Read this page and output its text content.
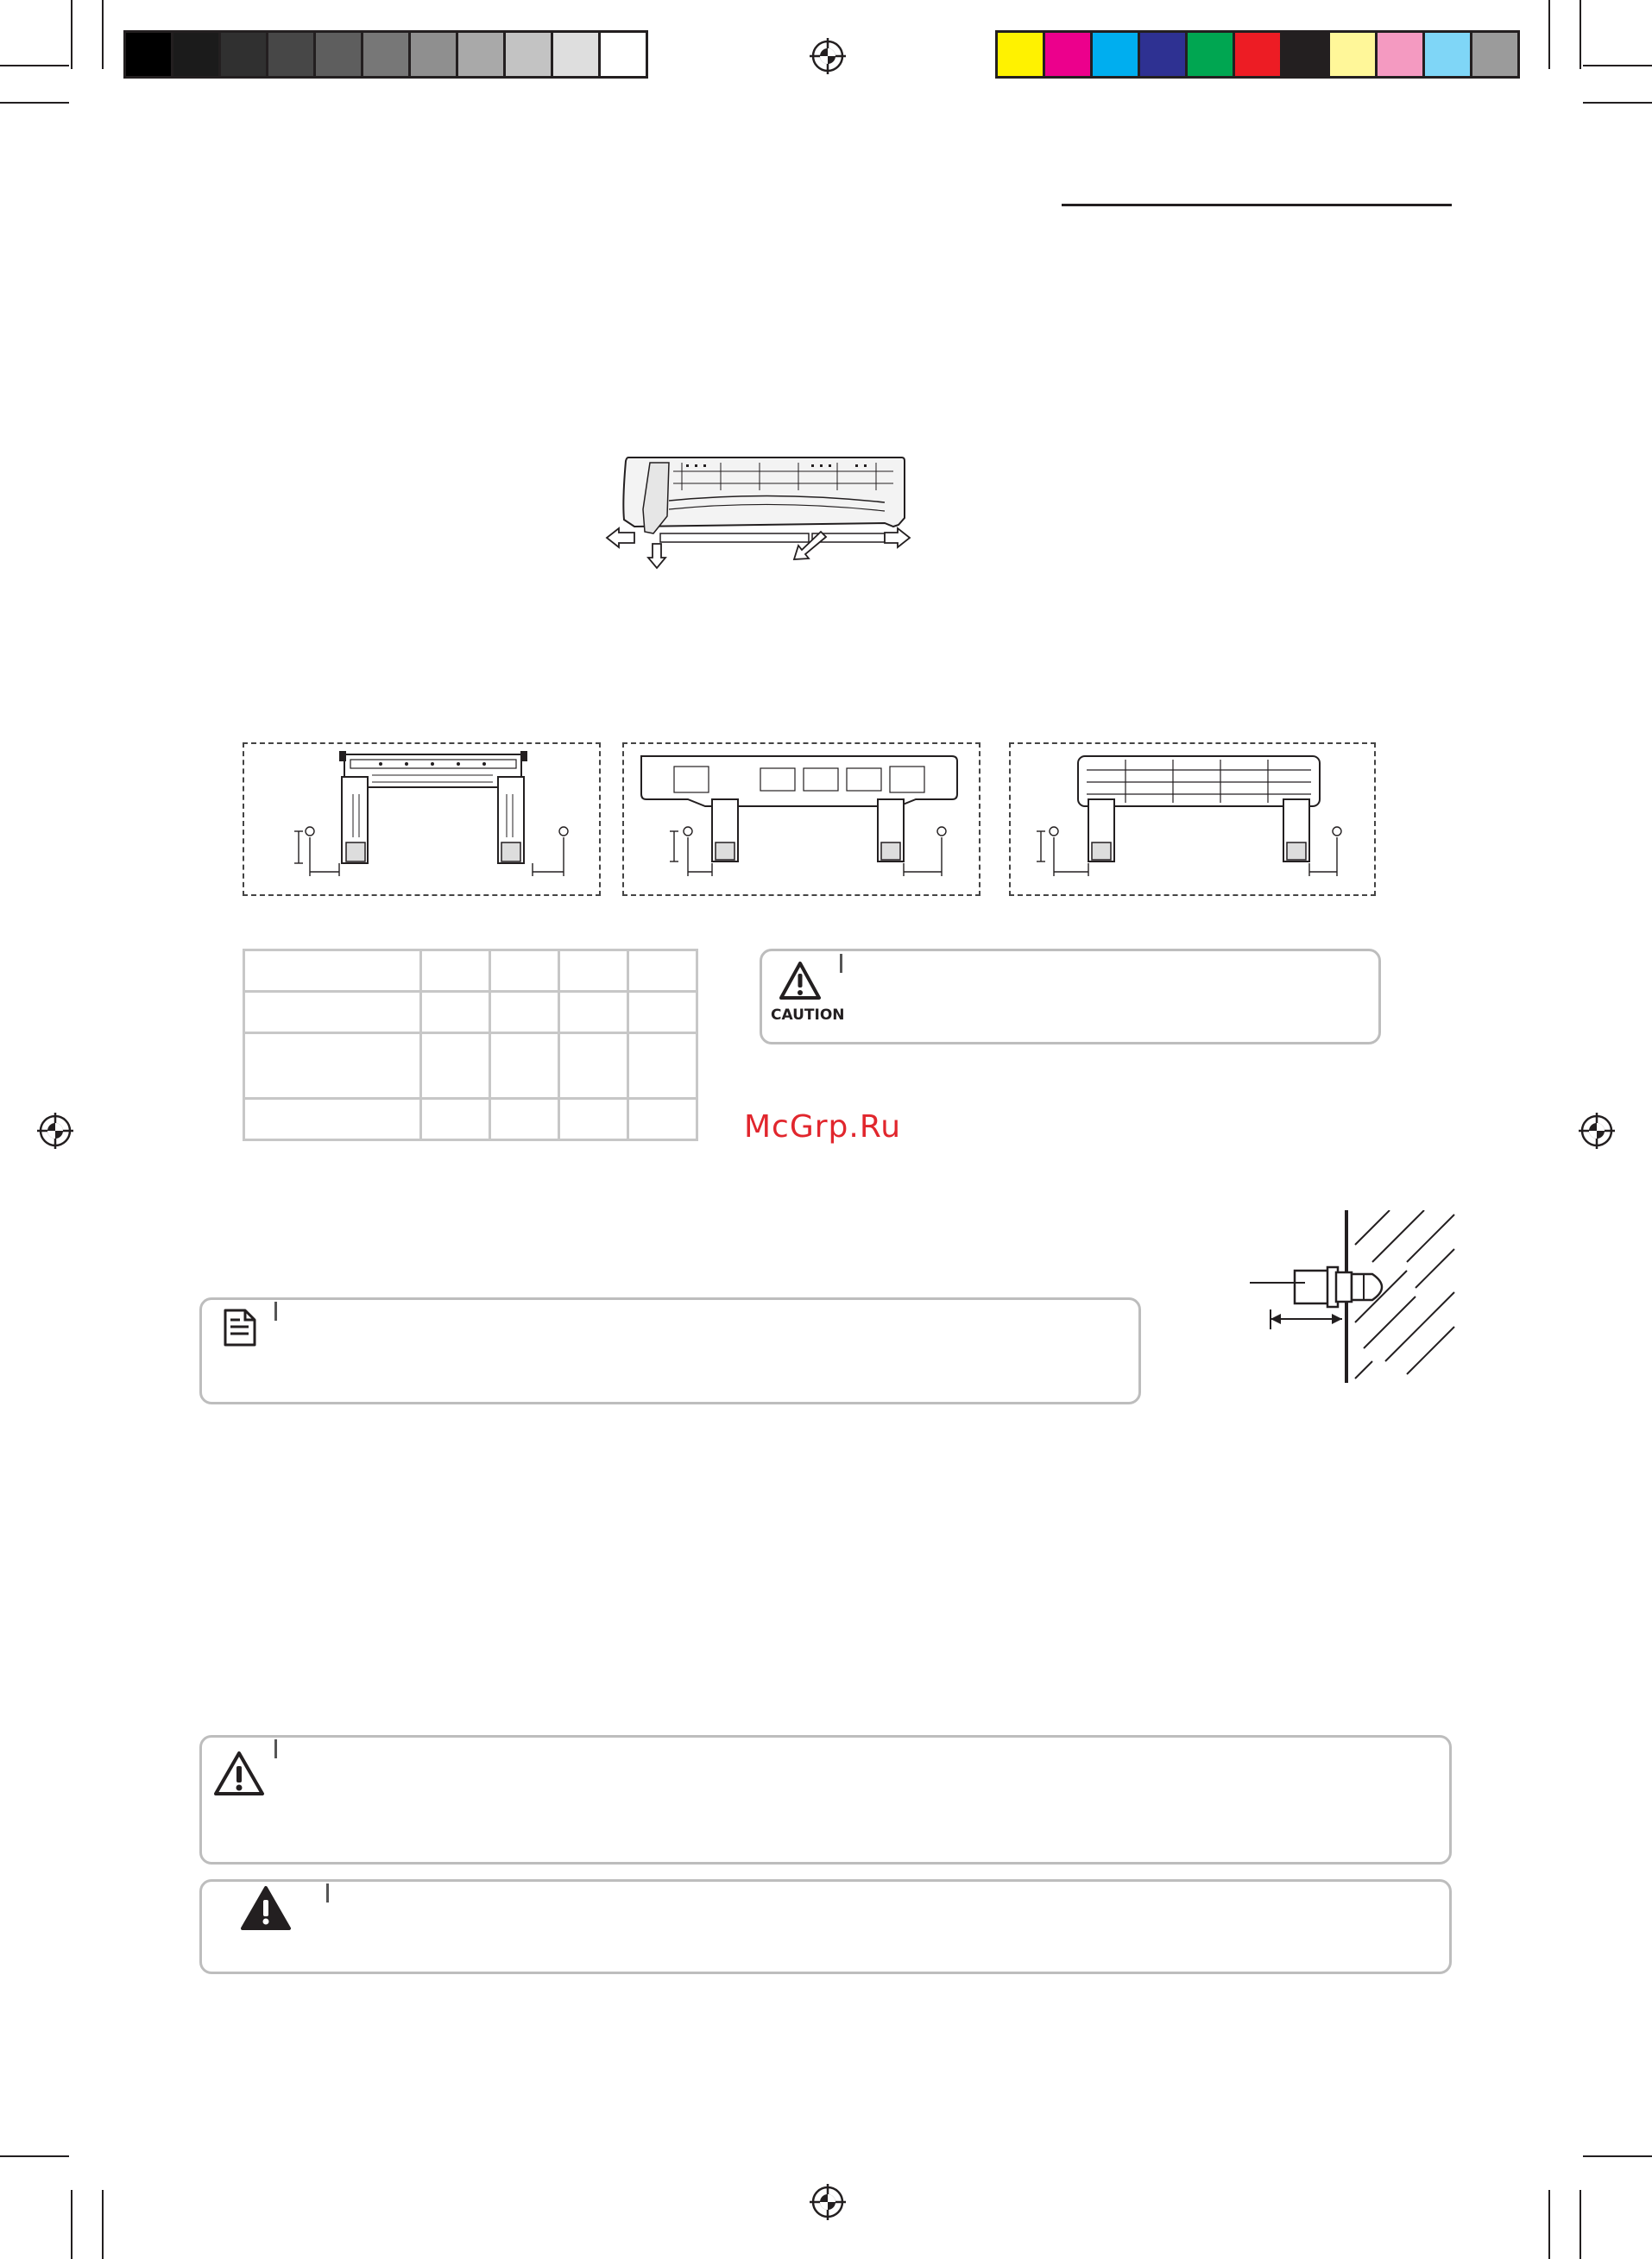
CAUTION
McGrp.Ru
